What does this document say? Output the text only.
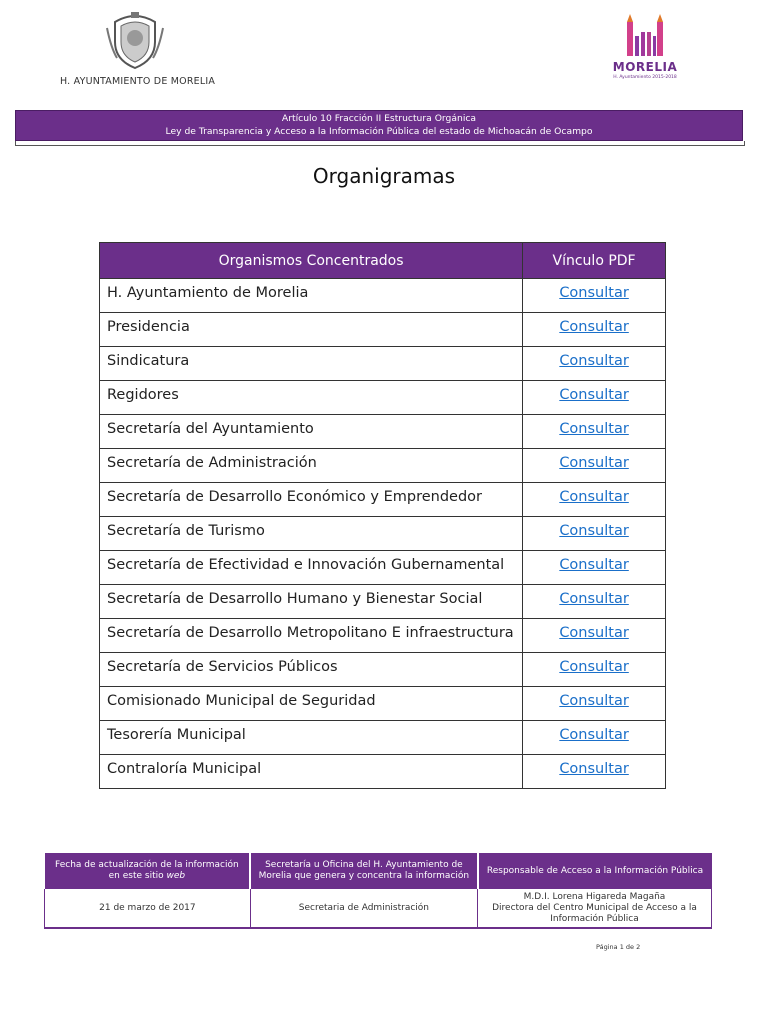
H. AYUNTAMIENTO DE MORELIA
MORELIA
H. Ayuntamiento 2015-2018
Artículo 10 Fracción II Estructura Orgánica
Ley de Transparencia y Acceso a la Información Pública del estado de Michoacán de Ocampo
Organigramas
Organismos Concentrados	Vínculo PDF
H. Ayuntamiento de Morelia	Consultar
Presidencia	Consultar
Sindicatura	Consultar
Regidores	Consultar
Secretaría del Ayuntamiento	Consultar
Secretaría de Administración	Consultar
Secretaría de Desarrollo Económico y Emprendedor	Consultar
Secretaría de Turismo	Consultar
Secretaría de Efectividad e Innovación Gubernamental	Consultar
Secretaría de Desarrollo Humano y Bienestar Social	Consultar
Secretaría de Desarrollo Metropolitano E infraestructura	Consultar
Secretaría de Servicios Públicos	Consultar
Comisionado Municipal de Seguridad	Consultar
Tesorería Municipal	Consultar
Contraloría Municipal	Consultar
Fecha de actualización de la información en este sitio web	Secretaría u Oficina del H. Ayuntamiento de Morelia que genera y concentra la información	Responsable de Acceso a la Información Pública
21 de marzo de 2017	Secretaria de Administración	M.D.I. Lorena Higareda Magaña
Directora del Centro Municipal de Acceso a la Información Pública
Página 1 de 2
